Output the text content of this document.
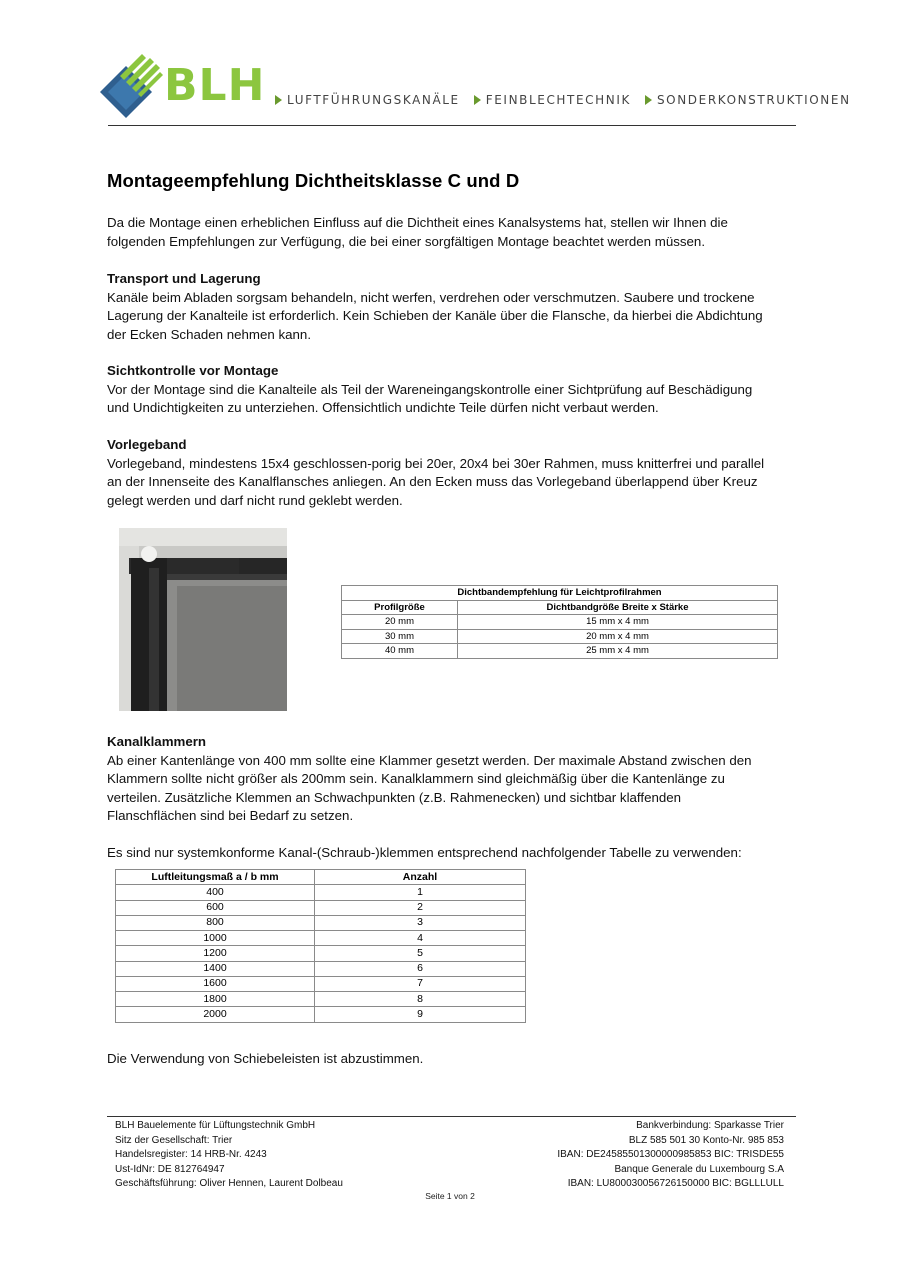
BLH LUFTFÜHRUNGSKANÄLE FEINBLECHTECHNIK SONDERKONSTRUKTIONEN
Montageempfehlung Dichtheitsklasse C und D
Da die Montage einen erheblichen Einfluss auf die Dichtheit eines Kanalsystems hat, stellen wir Ihnen die
folgenden Empfehlungen zur Verfügung, die bei einer sorgfältigen Montage beachtet werden müssen.
Transport und Lagerung
Kanäle beim Abladen sorgsam behandeln, nicht werfen, verdrehen oder verschmutzen. Saubere und trockene
Lagerung der Kanalteile ist erforderlich. Kein Schieben der Kanäle über die Flansche, da hierbei die Abdichtung
der Ecken Schaden nehmen kann.
Sichtkontrolle vor Montage
Vor der Montage sind die Kanalteile als Teil der Wareneingangskontrolle einer Sichtprüfung auf Beschädigung
und Undichtigkeiten zu unterziehen. Offensichtlich undichte Teile dürfen nicht verbaut werden.
Vorlegeband
Vorlegeband, mindestens 15x4 geschlossen-porig bei 20er, 20x4 bei 30er Rahmen, muss knitterfrei und parallel
an der Innenseite des Kanalflansches anliegen. An den Ecken muss das Vorlegeband überlappend über Kreuz
gelegt werden und darf nicht rund geklebt werden.
Dichtbandempfehlung für Leichtprofilrahmen	
Profilgröße	Dichtbandgröße Breite x Stärke
20 mm	15 mm x 4 mm
30 mm	20 mm x 4 mm
40 mm	25 mm x 4 mm
Kanalklammern
Ab einer Kantenlänge von 400 mm sollte eine Klammer gesetzt werden. Der maximale Abstand zwischen den
Klammern sollte nicht größer als 200mm sein. Kanalklammern sind gleichmäßig über die Kantenlänge zu
verteilen. Zusätzliche Klemmen an Schwachpunkten (z.B. Rahmenecken) und sichtbar klaffenden
Flanschflächen sind bei Bedarf zu setzen.
Es sind nur systemkonforme Kanal-(Schraub-)klemmen entsprechend nachfolgender Tabelle zu verwenden:
Luftleitungsmaß a / b mm	Anzahl
400	1
600	2
800	3
1000	4
1200	5
1400	6
1600	7
1800	8
2000	9
Die Verwendung von Schiebeleisten ist abzustimmen.
BLH Bauelemente für Lüftungstechnik GmbH
Sitz der Gesellschaft: Trier
Handelsregister: 14 HRB-Nr. 4243
Ust-IdNr: DE 812764947
Geschäftsführung: Oliver Hennen, Laurent Dolbeau
Bankverbindung: Sparkasse Trier
BLZ 585 501 30 Konto-Nr. 985 853
IBAN: DE24585501300000985853 BIC: TRISDE55
Banque Generale du Luxembourg S.A
IBAN: LU800030056726150000 BIC: BGLLLULL
Seite 1 von 2
